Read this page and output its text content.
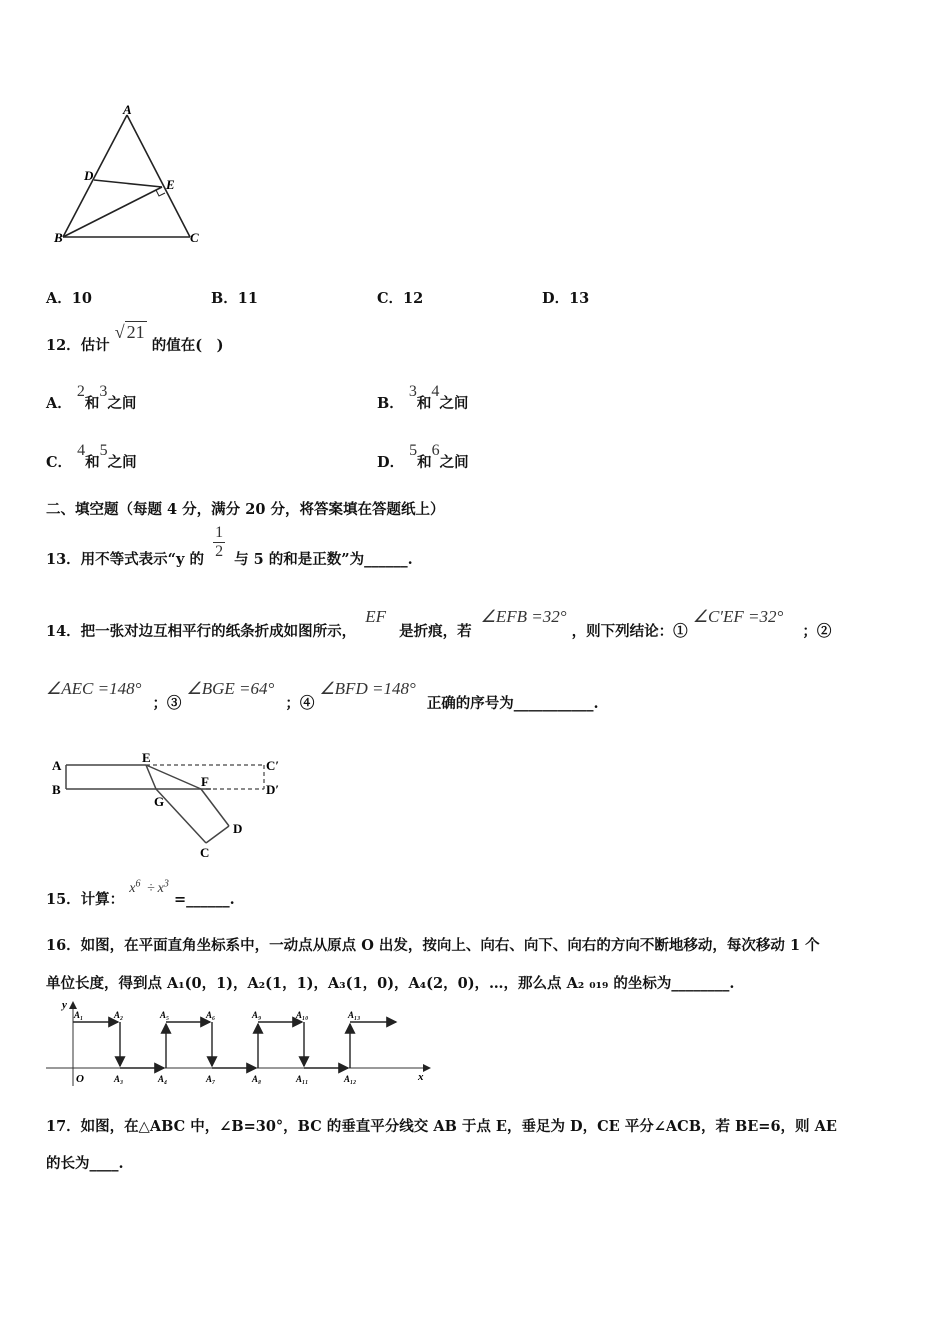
A
D
E
B	C
A．10	B．11	C．12	D．13
12．估计 √ 21 的值在(　)
A． 2和3之间	B． 3和4之间
C． 4和5之间	D． 5和6之间
二、填空题（每题 4 分，满分 20 分，将答案填在答题纸上）
13．用不等式表示“y 的 $\frac{1}{2}$ 与 5 的和是正数”为______.
14．把一张对边互相平行的纸条折成如图所示， EF 是折痕，若 ∠EFB =32° ，则下列结论：① ∠C′EF =32° ；②
∠AEC =148° ；③ ∠BGE =64° ；④ ∠BFD =148° 正确的序号为___________.
A
B
E
F
G
C
D
C′
D′
15．计算： $x^6 \div x^3$ =______.
16．如图，在平面直角坐标系中，一动点从原点 O 出发，按向上、向右、向下、向右的方向不断地移动，每次移动 1 个
单位长度，得到点 A₁(0，1)，A₂(1，1)，A₃(1，0)，A₄(2，0)，…，那么点 A₂ ₀₁₉ 的坐标为________.
y
x
O
A₁	A₂	A₅	A₆	A₉	A₁₀	A₁₃
A₃	A₄	A₇	A₈	A₁₁	A₁₂
17．如图，在△ABC 中，∠B=30°，BC 的垂直平分线交 AB 于点 E，垂足为 D，CE 平分∠ACB，若 BE=6，则 AE
的长为____.
